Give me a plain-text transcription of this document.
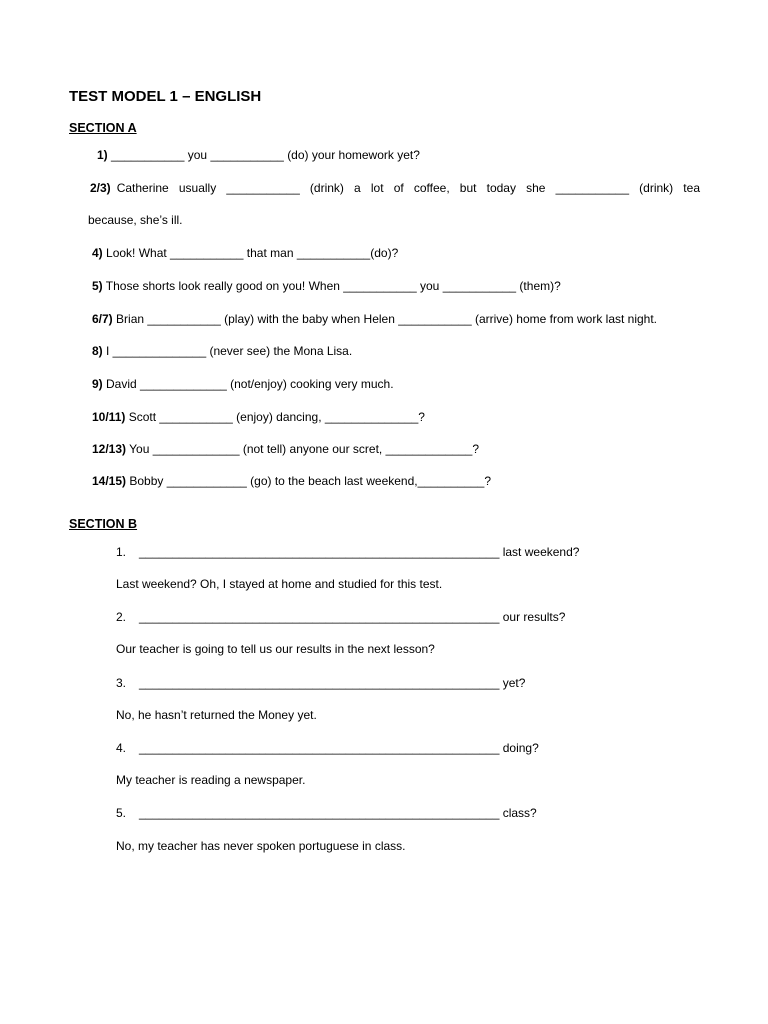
TEST MODEL 1 – ENGLISH
SECTION A
1) ___________ you ___________ (do) your homework yet?
2/3) Catherine usually ___________ (drink) a lot of coffee, but today she ___________ (drink) tea
because, she’s ill.
4) Look! What ___________ that man ___________(do)?
5) Those shorts look really good on you! When ___________ you ___________ (them)?
6/7) Brian ___________ (play) with the baby when Helen ___________ (arrive) home from work last night.
8) I ______________ (never see) the Mona Lisa.
9) David _____________ (not/enjoy) cooking very much.
10/11) Scott ___________ (enjoy) dancing, ______________?
12/13) You _____________ (not tell) anyone our scret, _____________?
14/15) Bobby ____________ (go) to the beach last weekend,__________?
SECTION B
1. ______________________________________________________ last weekend?
Last weekend? Oh, I stayed at home and studied for this test.
2. ______________________________________________________ our results?
Our teacher is going to tell us our results in the next lesson?
3. ______________________________________________________ yet?
No, he hasn’t returned the Money yet.
4. ______________________________________________________ doing?
My teacher is reading a newspaper.
5. ______________________________________________________ class?
No, my teacher has never spoken portuguese in class.
